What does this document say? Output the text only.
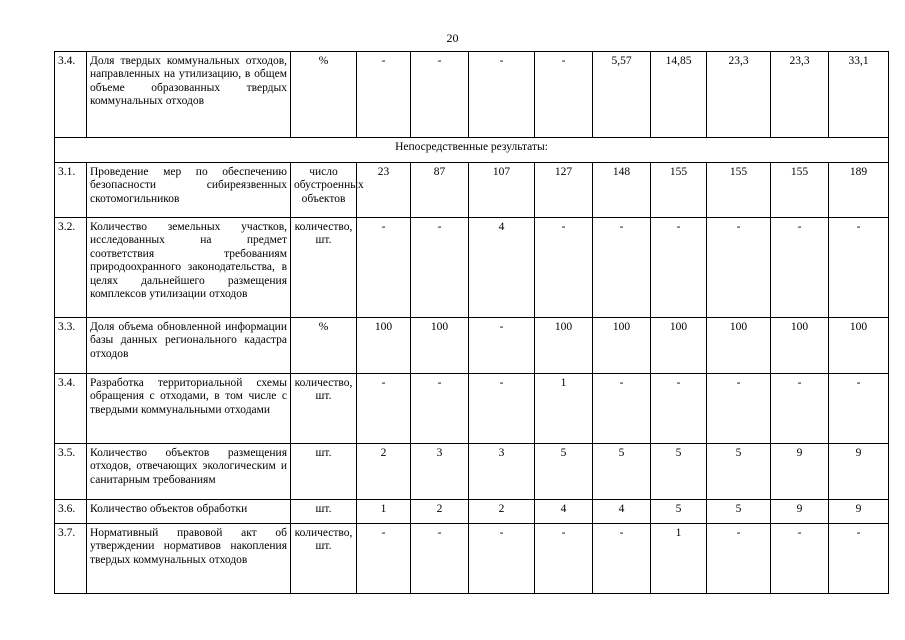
20
3.4.	Доля твердых коммунальных отходов, направленных на утилизацию, в общем объеме образованных твердых коммунальных отходов	%	-	-	-	-	5,57	14,85	23,3	23,3	33,1
Непосредственные результаты:											
3.1.	Проведение мер по обеспечению безопасности сибиреязвенных скотомогильников	число обустроенных объектов	23	87	107	127	148	155	155	155	189
3.2.	Количество земельных участков, исследованных на предмет соответствия требованиям природоохранного законодательства, в целях дальнейшего размещения комплексов утилизации отходов	количество, шт.	-	-	4	-	-	-	-	-	-
3.3.	Доля объема обновленной информации базы данных регионального кадастра отходов	%	100	100	-	100	100	100	100	100	100
3.4.	Разработка территориальной схемы обращения с отходами, в том числе с твердыми коммунальными отходами	количество, шт.	-	-	-	1	-	-	-	-	-
3.5.	Количество объектов размещения отходов, отвечающих экологическим и санитарным требованиям	шт.	2	3	3	5	5	5	5	9	9
3.6.	Количество объектов обработки	шт.	1	2	2	4	4	5	5	9	9
3.7.	Нормативный правовой акт об утверждении нормативов накопления твердых коммунальных отходов	количество, шт.	-	-	-	-	-	1	-	-	-
